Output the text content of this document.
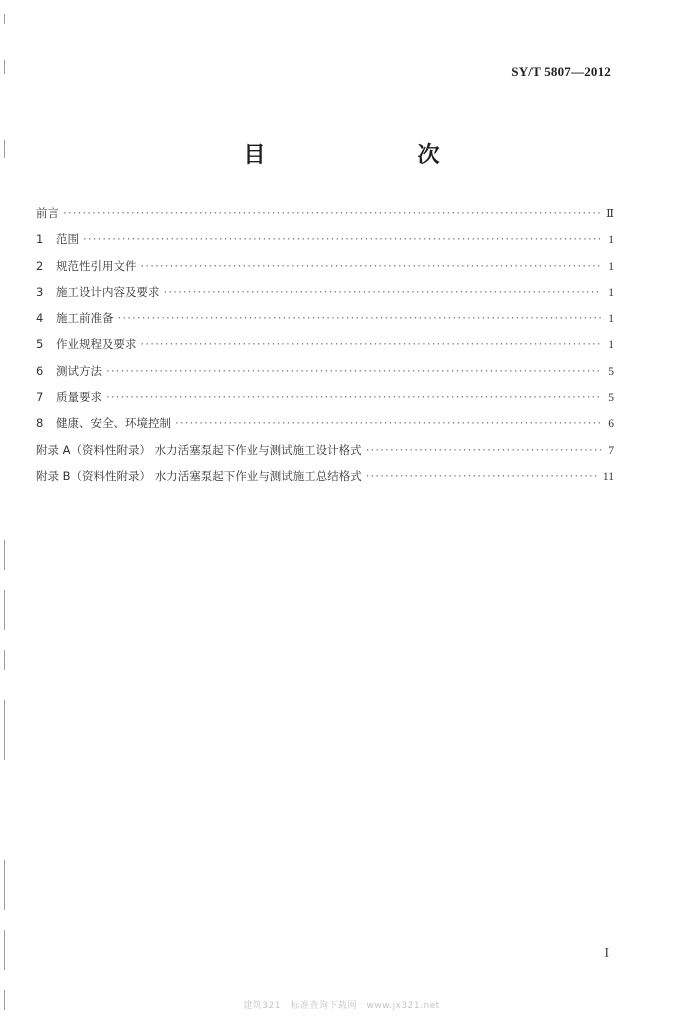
SY/T 5807—2012
目　　次
前言 ·····	Ⅱ
1	范围 ·····	1
2	规范性引用文件 ·····	1
3	施工设计内容及要求 ·····	1
4	施工前准备 ·····	1
5	作业规程及要求 ·····	1
6	测试方法 ·····	5
7	质量要求 ·····	5
8	健康、安全、环境控制 ·····	6
附录 A（资料性附录） 水力活塞泵起下作业与测试施工设计格式 ·····	7
附录 B（资料性附录） 水力活塞泵起下作业与测试施工总结格式 ·····	11
I
建筑321　标准查询下载网　www.jx321.net
